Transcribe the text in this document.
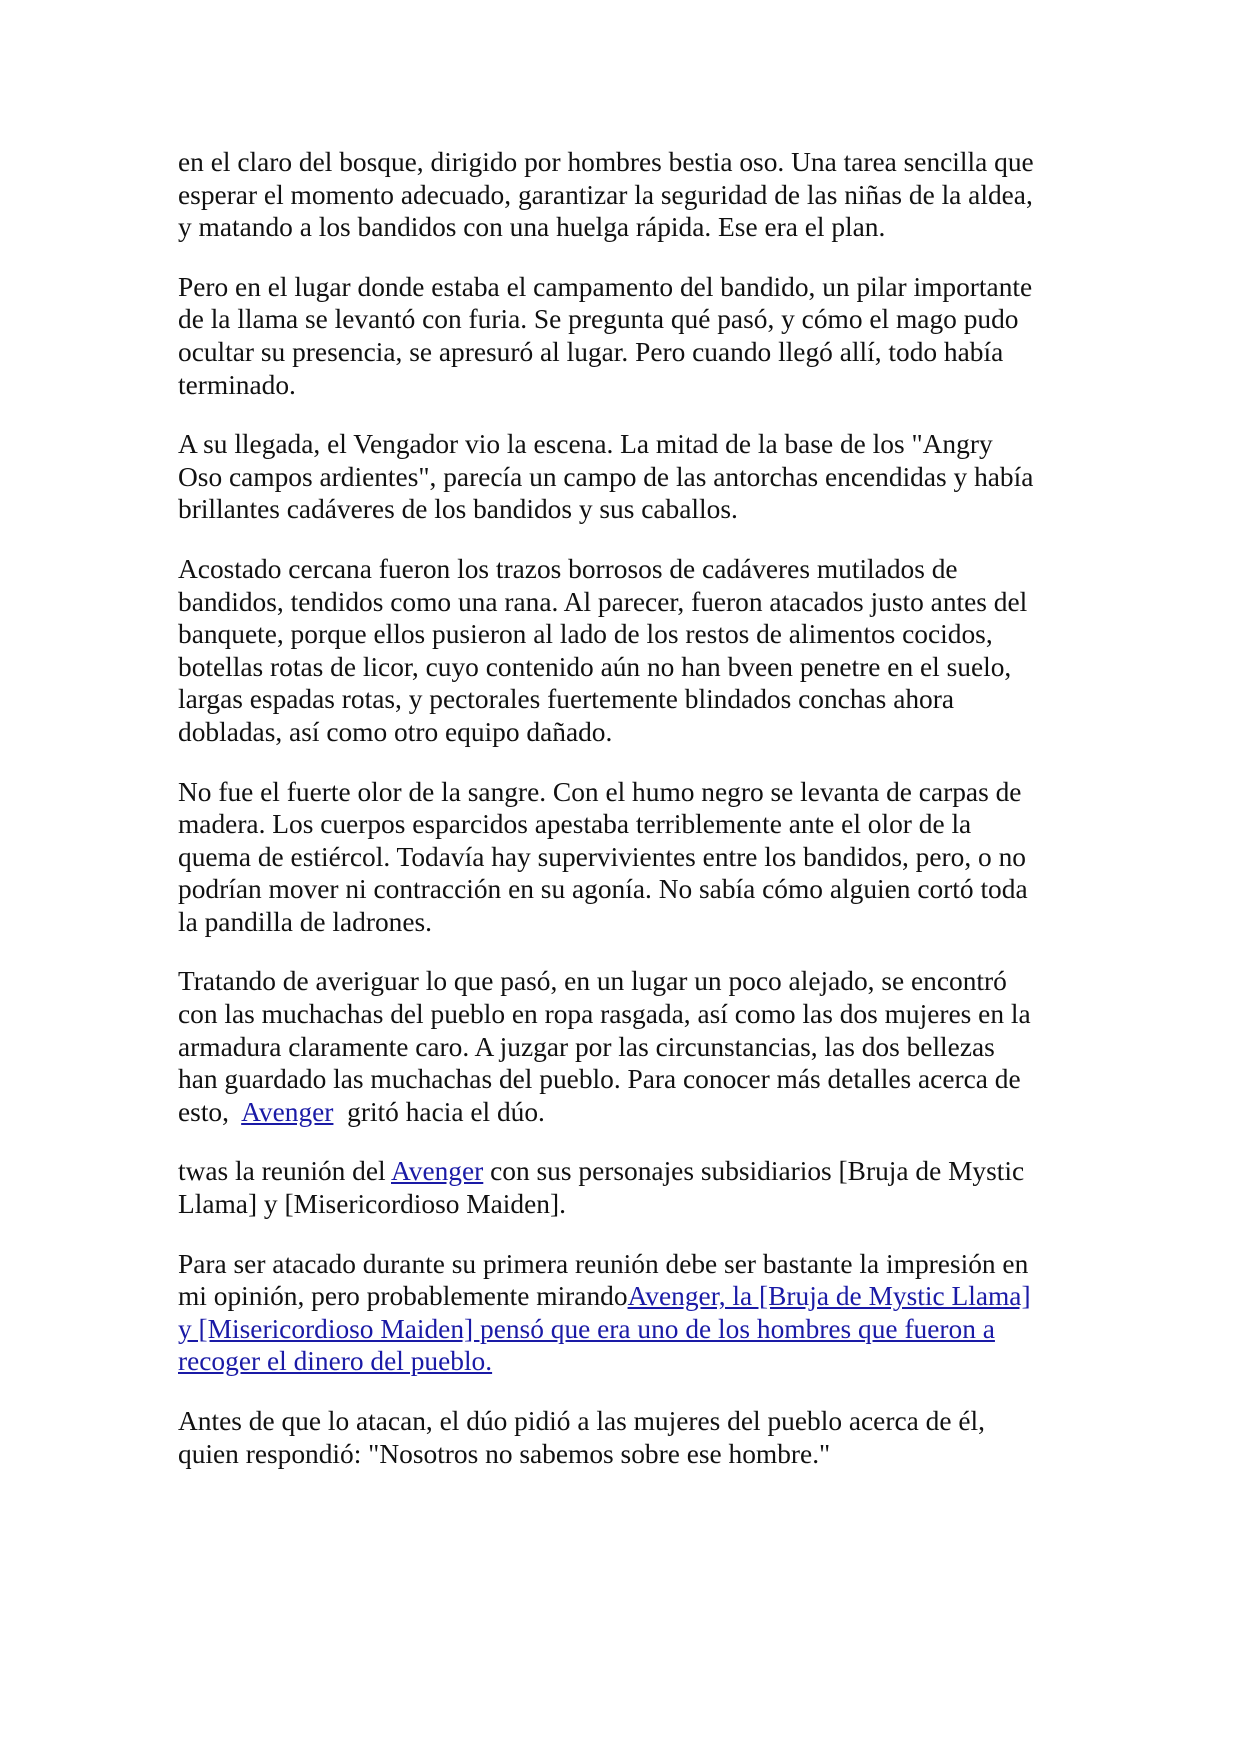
en el claro del bosque, dirigido por hombres bestia oso. Una tarea sencilla que
esperar el momento adecuado, garantizar la seguridad de las niñas de la aldea,
y matando a los bandidos con una huelga rápida. Ese era el plan.

Pero en el lugar donde estaba el campamento del bandido, un pilar importante
de la llama se levantó con furia. Se pregunta qué pasó, y cómo el mago pudo
ocultar su presencia, se apresuró al lugar. Pero cuando llegó allí, todo había
terminado.

A su llegada, el Vengador vio la escena. La mitad de la base de los "Angry
Oso campos ardientes", parecía un campo de las antorchas encendidas y había
brillantes cadáveres de los bandidos y sus caballos.

Acostado cercana fueron los trazos borrosos de cadáveres mutilados de
bandidos, tendidos como una rana. Al parecer, fueron atacados justo antes del
banquete, porque ellos pusieron al lado de los restos de alimentos cocidos,
botellas rotas de licor, cuyo contenido aún no han bveen penetre en el suelo,
largas espadas rotas, y pectorales fuertemente blindados conchas ahora
dobladas, así como otro equipo dañado.

No fue el fuerte olor de la sangre. Con el humo negro se levanta de carpas de
madera. Los cuerpos esparcidos apestaba terriblemente ante el olor de la
quema de estiércol. Todavía hay supervivientes entre los bandidos, pero, o no
podrían mover ni contracción en su agonía. No sabía cómo alguien cortó toda
la pandilla de ladrones.

Tratando de averiguar lo que pasó, en un lugar un poco alejado, se encontró
con las muchachas del pueblo en ropa rasgada, así como las dos mujeres en la
armadura claramente caro. A juzgar por las circunstancias, las dos bellezas
han guardado las muchachas del pueblo. Para conocer más detalles acerca de
esto,  Avenger  gritó hacia el dúo.

twas la reunión del Avenger con sus personajes subsidiarios [Bruja de Mystic
Llama] y [Misericordioso Maiden].

Para ser atacado durante su primera reunión debe ser bastante la impresión en
mi opinión, pero probablemente mirandoAvenger, la [Bruja de Mystic Llama]
y [Misericordioso Maiden] pensó que era uno de los hombres que fueron a
recoger el dinero del pueblo.

Antes de que lo atacan, el dúo pidió a las mujeres del pueblo acerca de él,
quien respondió: "Nosotros no sabemos sobre ese hombre."
